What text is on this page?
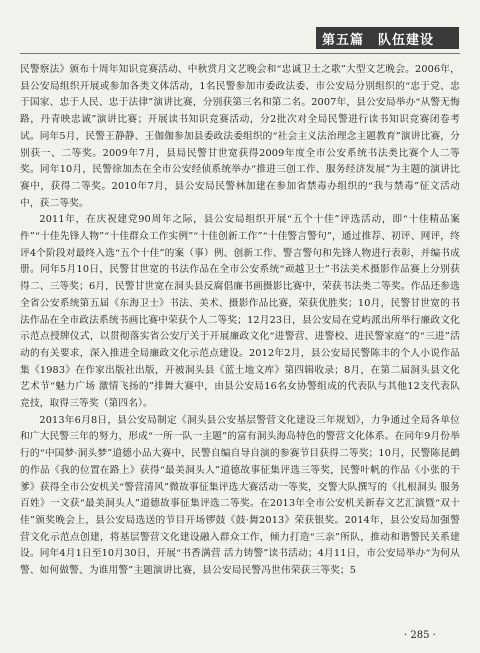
第五篇　队伍建设

民警察法》颁布十周年知识竞赛活动、中秋赏月文艺晚会和“忠诚卫士之歌”大型文艺晚会。2006年，县公安局组织开展或参加各类文体活动，1名民警参加市委政法委、市公安局分别组织的“忠于党、忠于国家、忠于人民、忠于法律”演讲比赛，分别获第三名和第二名。2007年，县公安局举办“从警无悔路，丹青映忠诚”演讲比赛；开展读书知识竞赛活动，分2批次对全局民警进行读书知识竞赛闭卷考试。同年5月，民警王静静、王伽伽参加县委政法委组织的“社会主义法治理念主题教育”演讲比赛，分别获一、二等奖。2009年7月，县局民警甘世宽获得2009年度全市公安系统书法类比赛个人二等奖。同年10月，民警徐加杰在全市公安经侦系统举办“推进三创工作、服务经济发展”为主题的演讲比赛中，获得二等奖。2010年7月，县公安局民警林加建在参加省禁毒办组织的“我与禁毒”征文活动中，获二等奖。

2011年，在庆祝建党90周年之际，县公安局组织开展“五个十佳”评选活动，即“十佳精品案件”“十佳先锋人物”“十佳群众工作实例”“十佳创新工作”“十佳警言警句”，通过推荐、初评、网评，终评4个阶段对最终入选“五个十佳”的案（事）例、创新工作、警言警句和先锋人物进行表彰，并编书成册。同年5月10日，民警甘世宽的书法作品在全市公安系统“顽越卫士”书法美术摄影作品赛上分别获得二、三等奖；6月，民警甘世宽在洞头县反腐倡廉书画摄影比赛中，荣获书法类二等奖。作品还参选全省公安系统第五届《东海卫士》书法、美术、摄影作品比赛，荣获优胜奖；10月，民警甘世宽的书法作品在全市政法系统书画比赛中荣获个人二等奖；12月23日，县公安局在党屿派出所举行廉政文化示范点授牌仪式，以贯彻落实省公安厅关于开展廉政文化“进警营、进警校、进民警家庭”的“三进”活动的有关要求，深入推进全局廉政文化示范点建设。2012年2月，县公安局民警陈丰的个人小说作品集《1983》在作家出版社出版，开被洞头县《蓝土地文库》第四辑收录；8月，在第二届洞头县文化艺术节“魅力广场 激情飞扬的”排舞大赛中，由县公安局16名女协警组成的代表队与其他12支代表队竞技，取得三等奖（第四名）。

2013年6月8日，县公安局制定《洞头县公安基层警营文化建设三年规划》，力争通过全局各单位和广大民警三年的努力，形成“一所一队一主题”的富有洞头海岛特色的警营文化体系。在同年9月份举行的“中国梦·洞头梦”道德小品大赛中，民警自编自导自演的参赛节目获得二等奖；10月，民警陈昆鹤的作品《我的位置在路上》获得“最美洞头人”道德故事征集评选三等奖，民警叶帆的作品《小张的干爹》获得全市公安机关“警营清风”微故事征集评选大赛活动一等奖，交警大队撰写的《扎根洞头 服务百姓》一文获“最美洞头人”道德故事征集评选二等奖。在2013年全市公安机关新春文艺汇演暨“双十佳”颁奖晚会上，县公安局选送的节目开场锣鼓《鼓·舞2013》荣获银奖。2014年，县公安局加强警营文化示范点创建，将基层警营文化建设融入群众工作，倾力打造“三亲”所队，推动和谐警民关系建设。同年4月1日至10月30日，开展“书香满营 活力铸警”读书活动；4月11日，市公安局举办“为何从警、如何做警、为谁用警”主题演讲比赛，县公安局民警冯世伟荣获三等奖；5

· 285 ·
